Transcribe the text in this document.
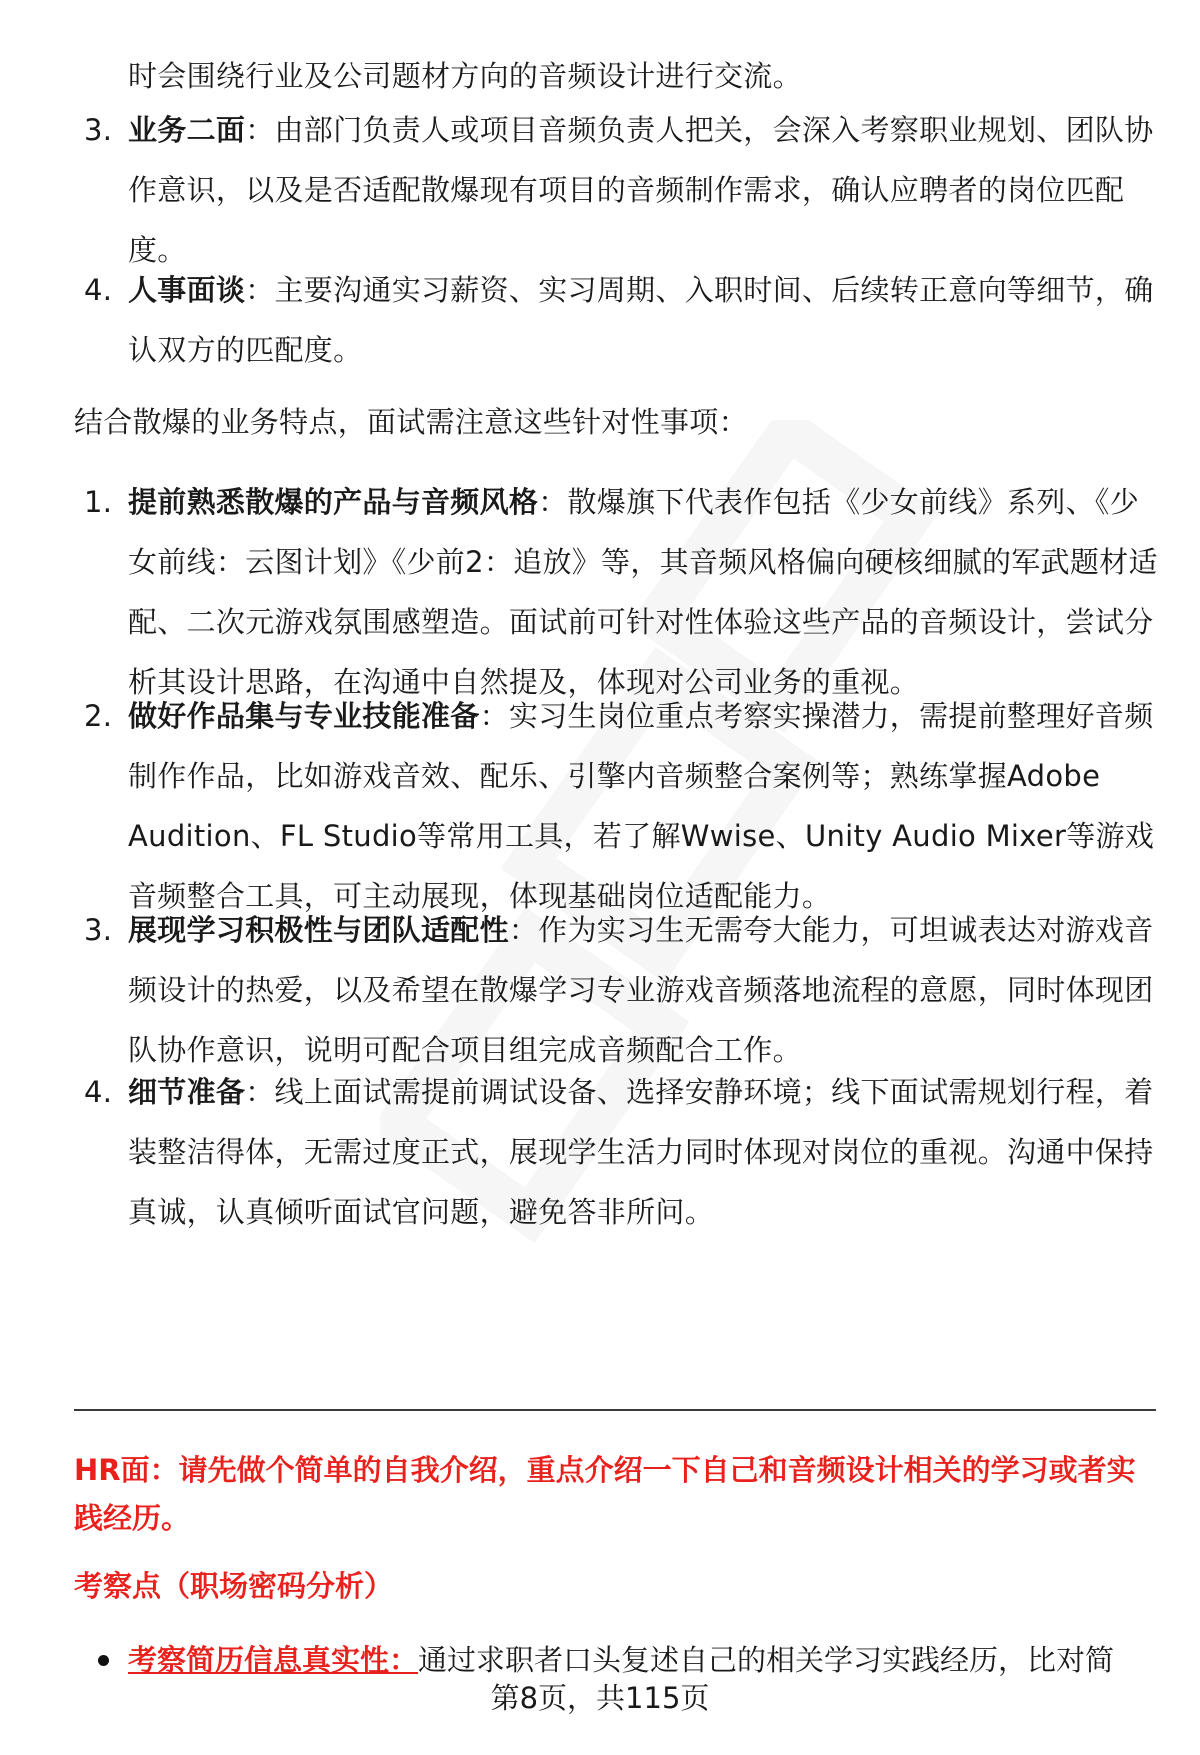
时会围绕行业及公司题材方向的音频设计进行交流。
3. 业务二面：由部门负责人或项目音频负责人把关，会深入考察职业规划、团队协作意识，以及是否适配散爆现有项目的音频制作需求，确认应聘者的岗位匹配度。
4. 人事面谈：主要沟通实习薪资、实习周期、入职时间、后续转正意向等细节，确认双方的匹配度。
结合散爆的业务特点，面试需注意这些针对性事项：
1. 提前熟悉散爆的产品与音频风格：散爆旗下代表作包括《少女前线》系列、《少女前线：云图计划》《少前2：追放》等，其音频风格偏向硬核细腻的军武题材适配、二次元游戏氛围感塑造。面试前可针对性体验这些产品的音频设计，尝试分析其设计思路，在沟通中自然提及，体现对公司业务的重视。
2. 做好作品集与专业技能准备：实习生岗位重点考察实操潜力，需提前整理好音频制作作品，比如游戏音效、配乐、引擎内音频整合案例等；熟练掌握Adobe Audition、FL Studio等常用工具，若了解Wwise、Unity Audio Mixer等游戏音频整合工具，可主动展现，体现基础岗位适配能力。
3. 展现学习积极性与团队适配性：作为实习生无需夸大能力，可坦诚表达对游戏音频设计的热爱，以及希望在散爆学习专业游戏音频落地流程的意愿，同时体现团队协作意识，说明可配合项目组完成音频配合工作。
4. 细节准备：线上面试需提前调试设备、选择安静环境；线下面试需规划行程，着装整洁得体，无需过度正式，展现学生活力同时体现对岗位的重视。沟通中保持真诚，认真倾听面试官问题，避免答非所问。
HR面：请先做个简单的自我介绍，重点介绍一下自己和音频设计相关的学习或者实践经历。
考察点（职场密码分析）
考察简历信息真实性：通过求职者口头复述自己的相关学习实践经历，比对简
第8页，共115页
